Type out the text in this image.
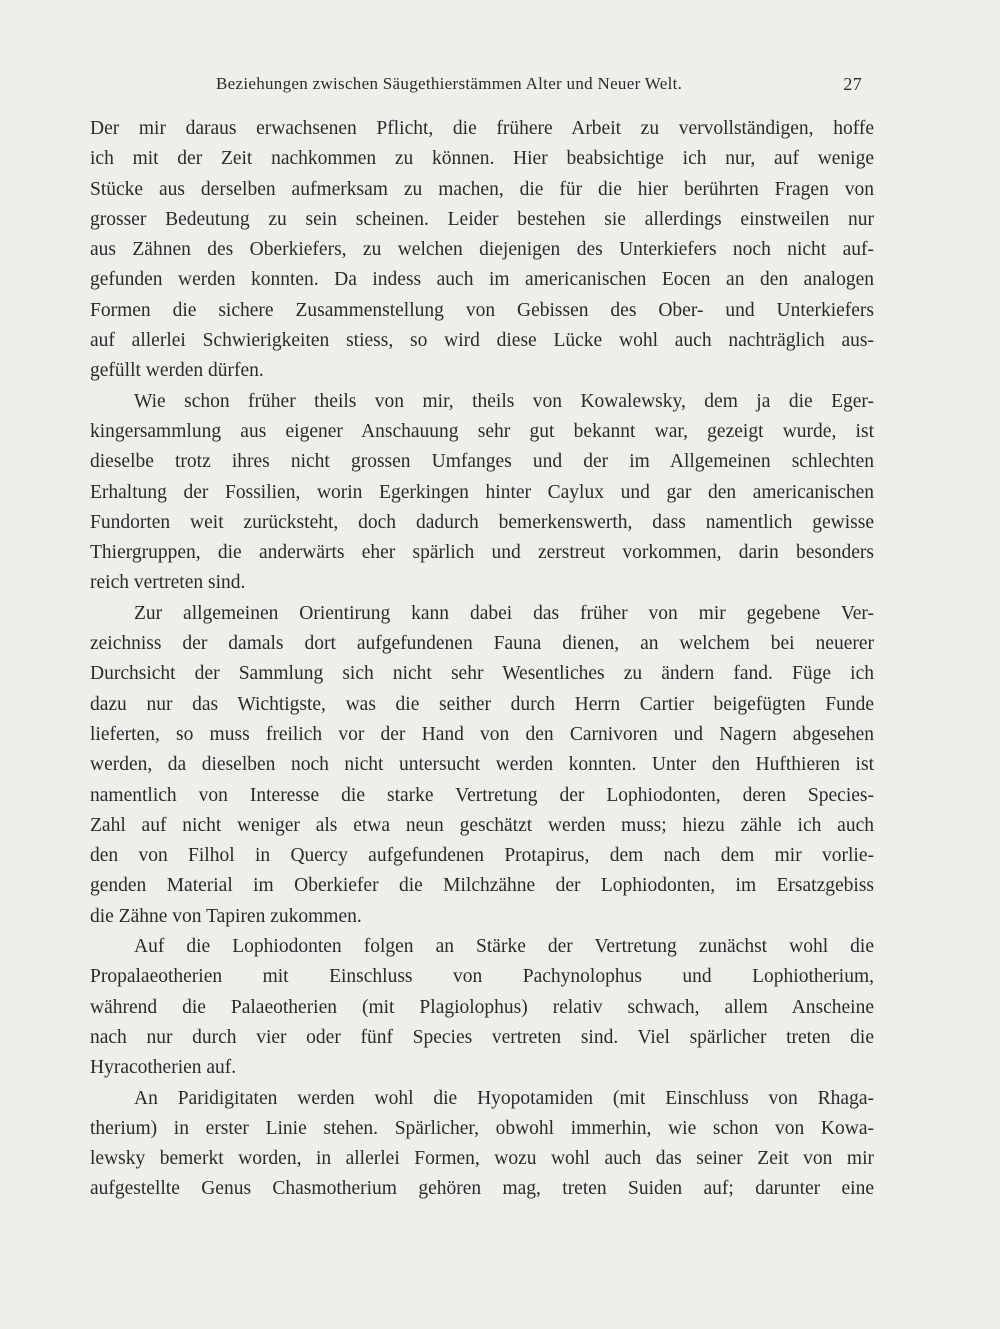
Beziehungen zwischen Säugethierstämmen Alter und Neuer Welt.	27
Der mir daraus erwachsenen Pflicht, die frühere Arbeit zu vervollständigen, hoffe
ich mit der Zeit nachkommen zu können. Hier beabsichtige ich nur, auf wenige
Stücke aus derselben aufmerksam zu machen, die für die hier berührten Fragen von
grosser Bedeutung zu sein scheinen. Leider bestehen sie allerdings einstweilen nur
aus Zähnen des Oberkiefers, zu welchen diejenigen des Unterkiefers noch nicht auf-
gefunden werden konnten. Da indess auch im americanischen Eocen an den analogen
Formen die sichere Zusammenstellung von Gebissen des Ober- und Unterkiefers
auf allerlei Schwierigkeiten stiess, so wird diese Lücke wohl auch nachträglich aus-
gefüllt werden dürfen.
Wie schon früher theils von mir, theils von Kowalewsky, dem ja die Eger-
kingersammlung aus eigener Anschauung sehr gut bekannt war, gezeigt wurde, ist
dieselbe trotz ihres nicht grossen Umfanges und der im Allgemeinen schlechten
Erhaltung der Fossilien, worin Egerkingen hinter Caylux und gar den americanischen
Fundorten weit zurücksteht, doch dadurch bemerkenswerth, dass namentlich gewisse
Thiergruppen, die anderwärts eher spärlich und zerstreut vorkommen, darin besonders
reich vertreten sind.
Zur allgemeinen Orientirung kann dabei das früher von mir gegebene Ver-
zeichniss der damals dort aufgefundenen Fauna dienen, an welchem bei neuerer
Durchsicht der Sammlung sich nicht sehr Wesentliches zu ändern fand. Füge ich
dazu nur das Wichtigste, was die seither durch Herrn Cartier beigefügten Funde
lieferten, so muss freilich vor der Hand von den Carnivoren und Nagern abgesehen
werden, da dieselben noch nicht untersucht werden konnten. Unter den Hufthieren ist
namentlich von Interesse die starke Vertretung der Lophiodonten, deren Species-
Zahl auf nicht weniger als etwa neun geschätzt werden muss; hiezu zähle ich auch
den von Filhol in Quercy aufgefundenen Protapirus, dem nach dem mir vorlie-
genden Material im Oberkiefer die Milchzähne der Lophiodonten, im Ersatzgebiss
die Zähne von Tapiren zukommen.
Auf die Lophiodonten folgen an Stärke der Vertretung zunächst wohl die
Propalaeotherien mit Einschluss von Pachynolophus und Lophiotherium,
während die Palaeotherien (mit Plagiolophus) relativ schwach, allem Anscheine
nach nur durch vier oder fünf Species vertreten sind. Viel spärlicher treten die
Hyracotherien auf.
An Paridigitaten werden wohl die Hyopotamiden (mit Einschluss von Rhaga-
therium) in erster Linie stehen. Spärlicher, obwohl immerhin, wie schon von Kowa-
lewsky bemerkt worden, in allerlei Formen, wozu wohl auch das seiner Zeit von mir
aufgestellte Genus Chasmotherium gehören mag, treten Suiden auf; darunter eine
